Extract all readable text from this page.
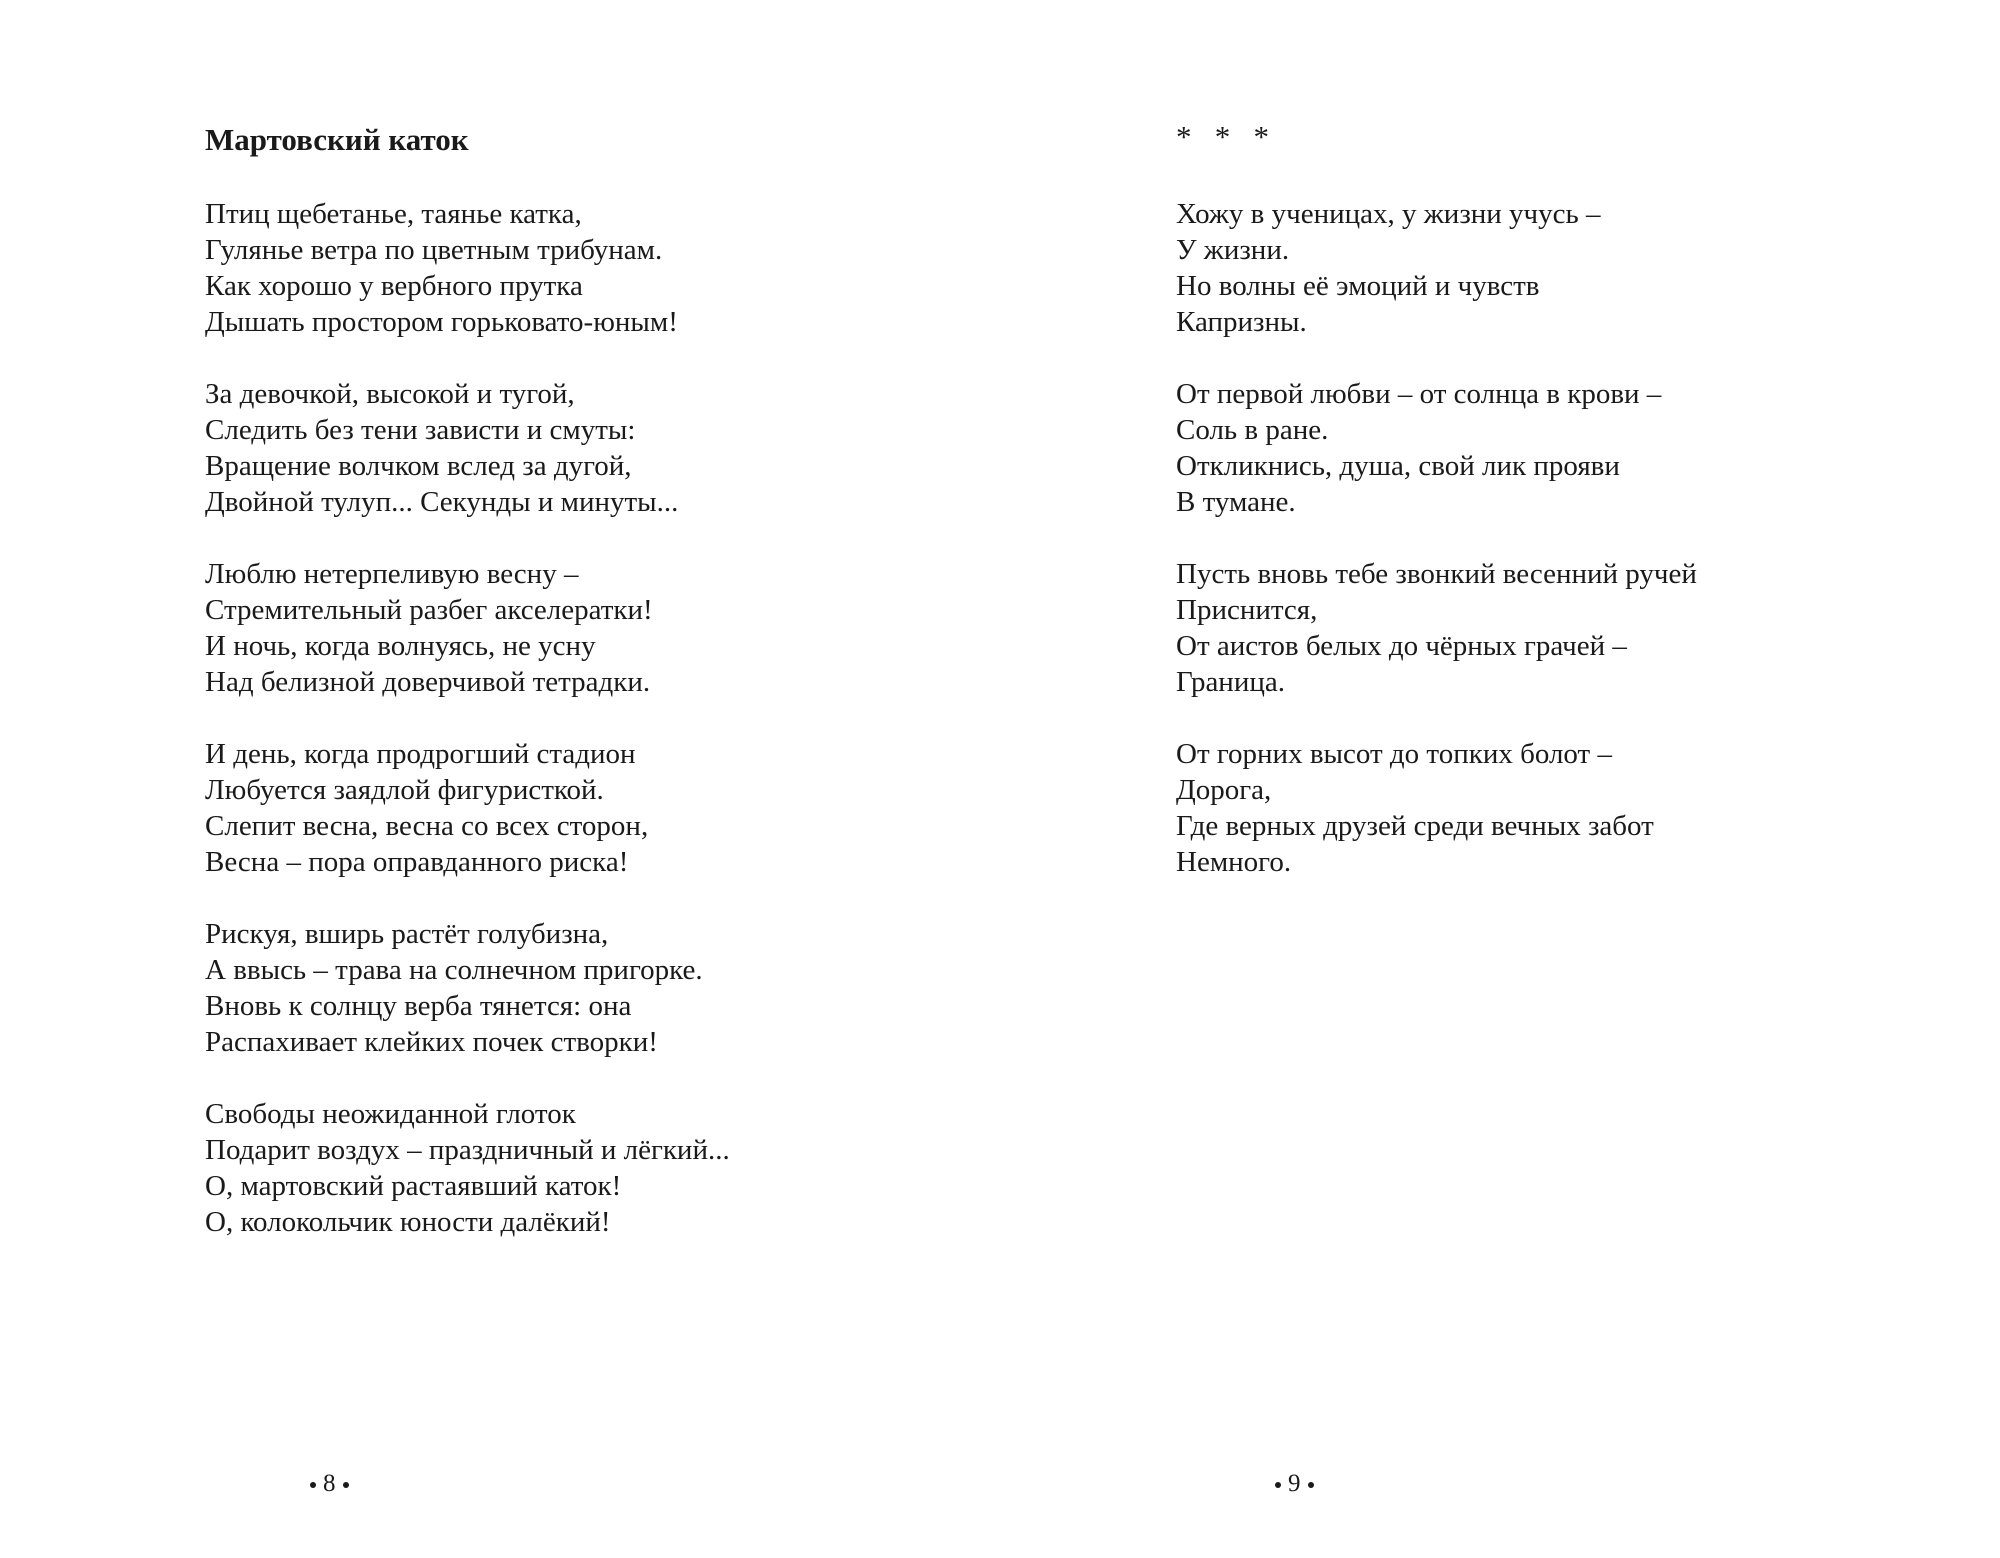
Мартовский каток

Птиц щебетанье, таянье катка,
Гулянье ветра по цветным трибунам.
Как хорошо у вербного прутка
Дышать простором горьковато-юным!

За девочкой, высокой и тугой,
Следить без тени зависти и смуты:
Вращение волчком вслед за дугой,
Двойной тулуп... Секунды и минуты...

Люблю нетерпеливую весну –
Стремительный разбег акселератки!
И ночь, когда волнуясь, не усну
Над белизной доверчивой тетрадки.

И день, когда продрогший стадион
Любуется заядлой фигуристкой.
Слепит весна, весна со всех сторон,
Весна – пора оправданного риска!

Рискуя, вширь растёт голубизна,
А ввысь – трава на солнечном пригорке.
Вновь к солнцу верба тянется: она
Распахивает клейких почек створки!

Свободы неожиданной глоток
Подарит воздух – праздничный и лёгкий...
О, мартовский растаявший каток!
О, колокольчик юности далёкий!

8
*   *   *

Хожу в ученицах, у жизни учусь –
У жизни.
Но волны её эмоций и чувств
Капризны.

От первой любви – от солнца в крови –
Соль в ране.
Откликнись, душа, свой лик прояви
В тумане.

Пусть вновь тебе звонкий весенний ручей
Приснится,
От аистов белых до чёрных грачей –
Граница.

От горних высот до топких болот –
Дорога,
Где верных друзей среди вечных забот
Немного.

9
